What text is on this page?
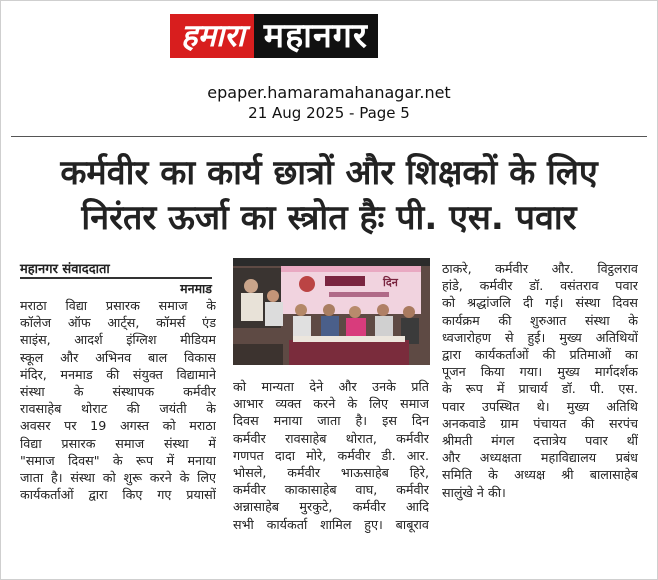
हमारा महानगर
epaper.hamaramahanagar.net
21 Aug 2025 - Page 5
कर्मवीर का कार्य छात्रों और शिक्षकों के लिए
निरंतर ऊर्जा का स्त्रोत हैः पी. एस. पवार
महानगर संवाददाता
मनमाड
मराठा विद्या प्रसारक समाज के
कॉलेज ऑफ आर्ट्स, कॉमर्स एंड
साइंस, आदर्श इंग्लिश मीडियम
स्कूल और अभिनव बाल विकास
मंदिर, मनमाड की संयुक्त विद्यामाने
संस्था के संस्थापक कर्मवीर
रावसाहेब थोराट की जयंती के
अवसर पर 19 अगस्त को मराठा
विद्या प्रसारक समाज संस्था में
"समाज दिवस" के रूप में मनाया
जाता है। संस्था को शुरू करने के लिए
कार्यकर्ताओं द्वारा किए गए प्रयासों
दिन
को मान्यता देने और उनके प्रति
आभार व्यक्त करने के लिए समाज
दिवस मनाया जाता है। इस दिन
कर्मवीर रावसाहेब थोरात, कर्मवीर
गणपत दादा मोरे, कर्मवीर डी. आर.
भोसले, कर्मवीर भाऊसाहेब हिरे,
कर्मवीर काकासाहेब वाघ, कर्मवीर
अन्नासाहेब मुरकुटे, कर्मवीर आदि
सभी कार्यकर्ता शामिल हुए। बाबूराव
ठाकरे, कर्मवीर और. विट्ठलराव
हांडे, कर्मवीर डॉ. वसंतराव पवार
को श्रद्धांजलि दी गई। संस्था दिवस
कार्यक्रम की शुरुआत संस्था के
ध्वजारोहण से हुई। मुख्य अतिथियों
द्वारा कार्यकर्ताओं की प्रतिमाओं का
पूजन किया गया। मुख्य मार्गदर्शक
के रूप में प्राचार्य डॉ. पी. एस.
पवार उपस्थित थे। मुख्य अतिथि
अनकवाडे ग्राम पंचायत की सरपंच
श्रीमती मंगल दत्तात्रेय पवार थीं
और अध्यक्षता महाविद्यालय प्रबंध
समिति के अध्यक्ष श्री बालासाहेब
सालुंखे ने की।
